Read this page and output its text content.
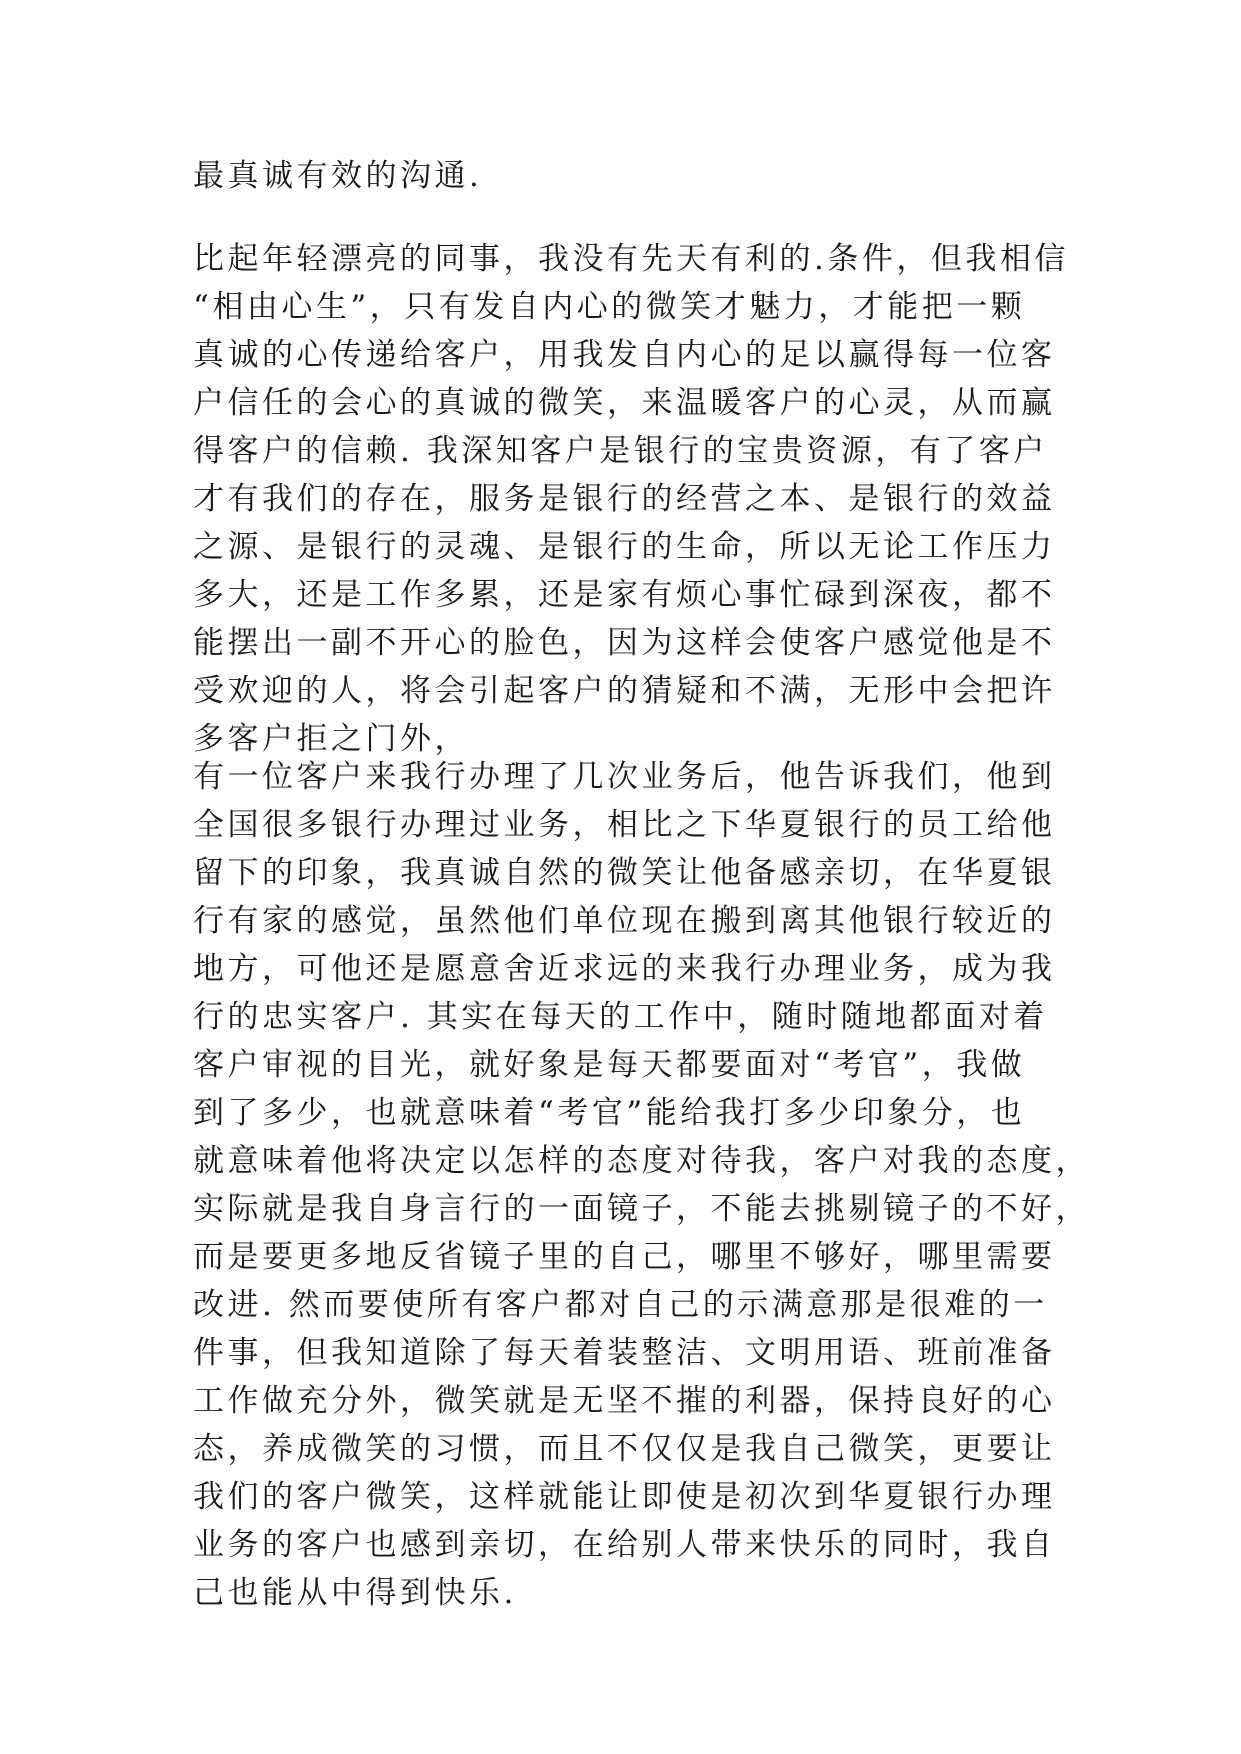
最真诚有效的沟通.
比起年轻漂亮的同事，我没有先天有利的.条件，但我相信
“相由心生”，只有发自内心的微笑才魅力，才能把一颗
真诚的心传递给客户，用我发自内心的足以赢得每一位客
户信任的会心的真诚的微笑，来温暖客户的心灵，从而赢
得客户的信赖. 我深知客户是银行的宝贵资源，有了客户
才有我们的存在，服务是银行的经营之本、是银行的效益
之源、是银行的灵魂、是银行的生命，所以无论工作压力
多大，还是工作多累，还是家有烦心事忙碌到深夜，都不
能摆出一副不开心的脸色，因为这样会使客户感觉他是不
受欢迎的人，将会引起客户的猜疑和不满，无形中会把许
多客户拒之门外，
有一位客户来我行办理了几次业务后，他告诉我们，他到
全国很多银行办理过业务，相比之下华夏银行的员工给他
留下的印象，我真诚自然的微笑让他备感亲切，在华夏银
行有家的感觉，虽然他们单位现在搬到离其他银行较近的
地方，可他还是愿意舍近求远的来我行办理业务，成为我
行的忠实客户. 其实在每天的工作中，随时随地都面对着
客户审视的目光，就好象是每天都要面对“考官”，我做
到了多少，也就意味着“考官”能给我打多少印象分，也
就意味着他将决定以怎样的态度对待我，客户对我的态度，
实际就是我自身言行的一面镜子，不能去挑剔镜子的不好，
而是要更多地反省镜子里的自己，哪里不够好，哪里需要
改进. 然而要使所有客户都对自己的示满意那是很难的一
件事，但我知道除了每天着装整洁、文明用语、班前准备
工作做充分外，微笑就是无坚不摧的利器，保持良好的心
态，养成微笑的习惯，而且不仅仅是我自己微笑，更要让
我们的客户微笑，这样就能让即使是初次到华夏银行办理
业务的客户也感到亲切，在给别人带来快乐的同时，我自
己也能从中得到快乐.
